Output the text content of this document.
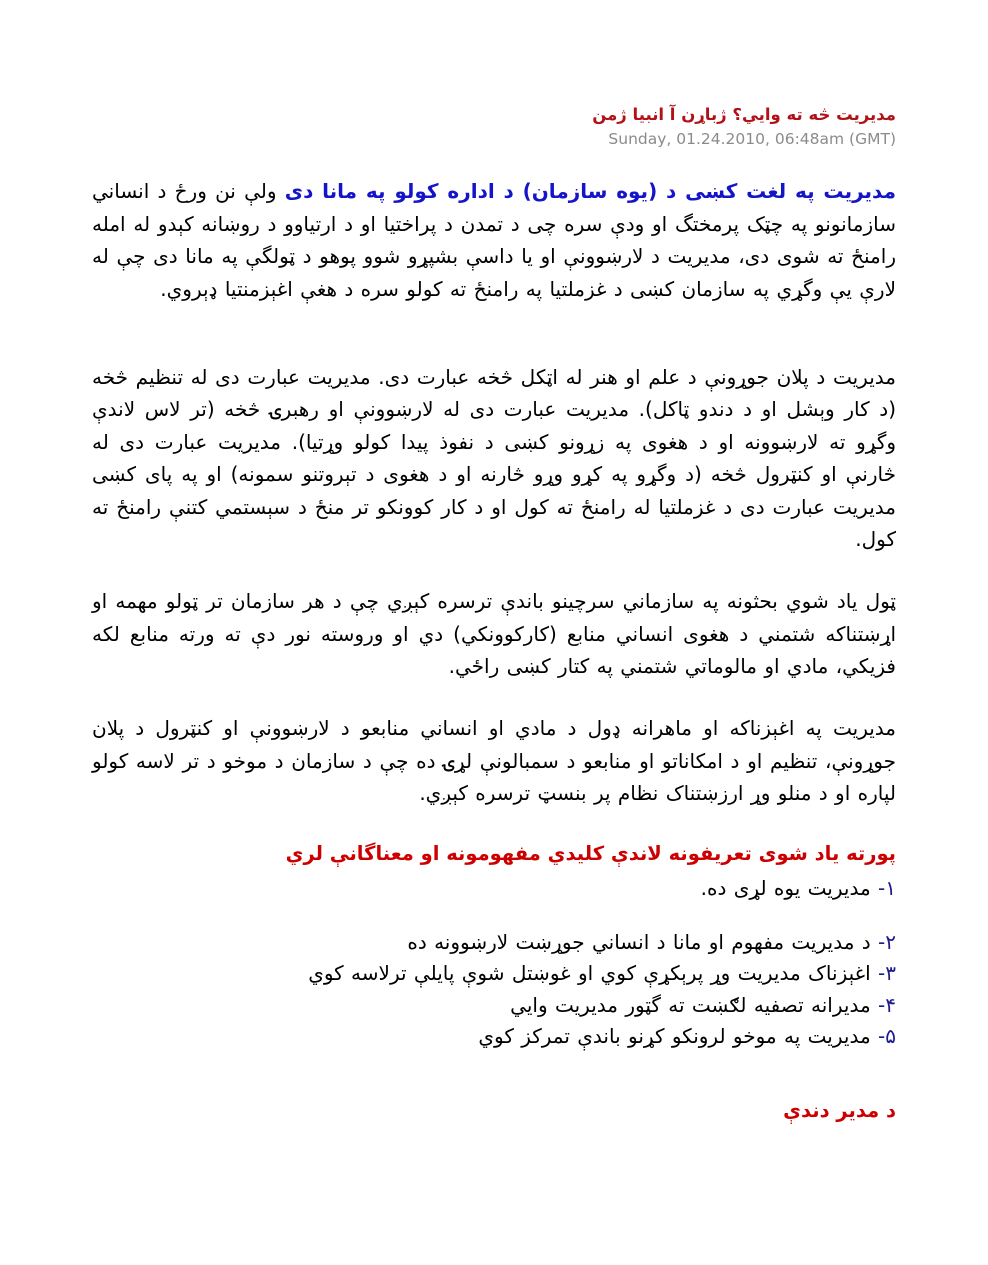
مدیریت څه ته وايي؟ ژباړن آ انبیا ژمن
Sunday, 01.24.2010, 06:48am (GMT)

مدیریت په لغت کښی د (یوه سازمان) د اداره کولو په مانا دی ولې نن ورځ د انساني سازمانونو په چټک پرمختگ او ودې سره چی د تمدن د پراختیا او د ارتیاوو د روښانه کېدو له امله رامنځ ته شوی دی، مدیریت د لارښوونې او یا داسې بشپړو شوو پوهو د ټولگې په مانا دی چې له لارې یې وگړي په سازمان کښی د غزملتیا په رامنځ ته کولو سره د هغې اغېزمنتیا ډېروي.

مدیریت د پلان جوړونې د علم او هنر له اټکل څخه عبارت دی. مدیریت عبارت دی له تنظیم څخه (د کار وېشل او د دندو ټاکل). مدیریت عبارت دی له لارښوونې او رهبرۍ څخه (تر لاس لاندې وگړو ته لارښوونه او د هغوی په زړونو کښی د نفوذ پیدا کولو وړتیا). مدیریت عبارت دی له څارنې او کنټرول څخه (د وگړو په کړو وړو څارنه او د هغوی د تېروتنو سمونه) او په پای کښی مدیریت عبارت دی د غزملتیا له رامنځ ته کول او د کار کوونکو تر منځ د سېستمي کتنې رامنځ ته کول.

ټول یاد شوي بحثونه په سازماني سرچینو باندې ترسره کېږي چې د هر سازمان تر ټولو مهمه او اړښتناکه شتمني د هغوی انساني منابع (کارکوونکي) دي او وروسته نور دې ته ورته منابع لکه فزیکي، مادي او مالوماتي شتمني په کتار کښی راځي.

مدیریت په اغېزناکه او ماهرانه ډول د مادي او انساني منابعو د لارښوونې او کنټرول د پلان جوړونې، تنظیم او د امکاناتو او منابعو د سمبالونې لړۍ ده چې د سازمان د موخو د تر لاسه کولو لپاره او د منلو وړ ارزښتناک نظام پر بنسټ ترسره کېږي.

پورته یاد شوی تعریفونه لاندې کلیدي مفهومونه او معناگانې لري
۱- مدیریت یوه لړی ده.
۲- د مدیریت مفهوم او مانا د انساني جوړښت لارښوونه ده
۳- اغېزناک مدیریت وړ پرېکړې کوي او غوښتل شوې پایلې ترلاسه کوي
۴- مدیرانه تصفیه لګښت ته گټور مدیریت وايي
۵- مدیریت په موخو لرونکو کړنو باندې تمرکز کوي
د مدیر دندې
